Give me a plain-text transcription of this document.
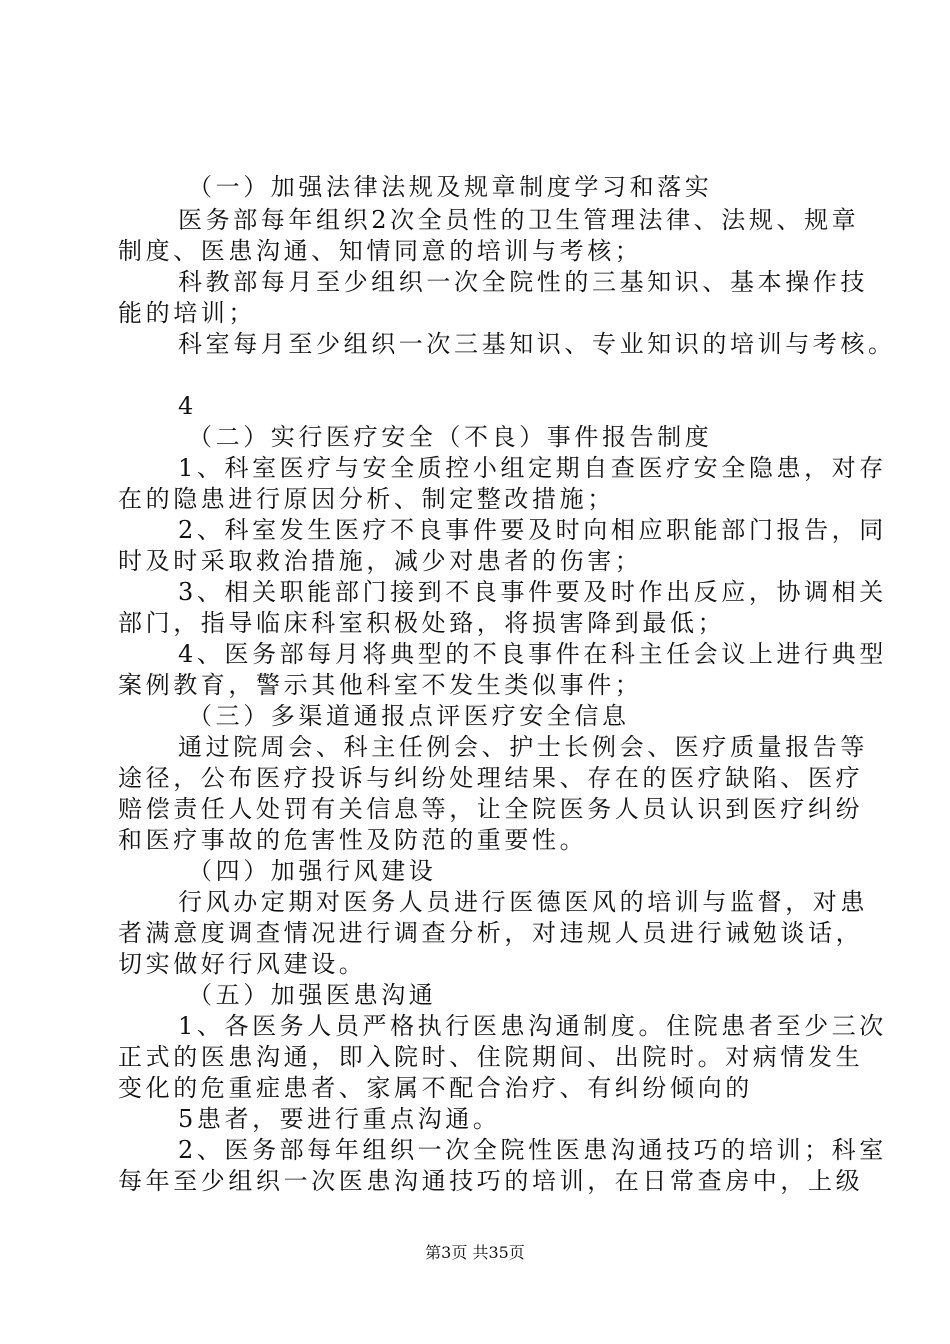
（一）加强法律法规及规章制度学习和落实
医务部每年组织2次全员性的卫生管理法律、法规、规章
制度、医患沟通、知情同意的培训与考核；
科教部每月至少组织一次全院性的三基知识、基本操作技
能的培训；
科室每月至少组织一次三基知识、专业知识的培训与考核。
4
（二）实行医疗安全（不良）事件报告制度
1、科室医疗与安全质控小组定期自查医疗安全隐患，对存
在的隐患进行原因分析、制定整改措施；
2、科室发生医疗不良事件要及时向相应职能部门报告，同
时及时采取救治措施，减少对患者的伤害；
3、相关职能部门接到不良事件要及时作出反应，协调相关
部门，指导临床科室积极处臵，将损害降到最低；
4、医务部每月将典型的不良事件在科主任会议上进行典型
案例教育，警示其他科室不发生类似事件；
（三）多渠道通报点评医疗安全信息
通过院周会、科主任例会、护士长例会、医疗质量报告等
途径，公布医疗投诉与纠纷处理结果、存在的医疗缺陷、医疗
赔偿责任人处罚有关信息等，让全院医务人员认识到医疗纠纷
和医疗事故的危害性及防范的重要性。
（四）加强行风建设
行风办定期对医务人员进行医德医风的培训与监督，对患
者满意度调查情况进行调查分析，对违规人员进行诫勉谈话，
切实做好行风建设。
（五）加强医患沟通
1、各医务人员严格执行医患沟通制度。住院患者至少三次
正式的医患沟通，即入院时、住院期间、出院时。对病情发生
变化的危重症患者、家属不配合治疗、有纠纷倾向的
5患者，要进行重点沟通。
2、医务部每年组织一次全院性医患沟通技巧的培训；科室
每年至少组织一次医患沟通技巧的培训，在日常查房中，上级
第3页 共35页
